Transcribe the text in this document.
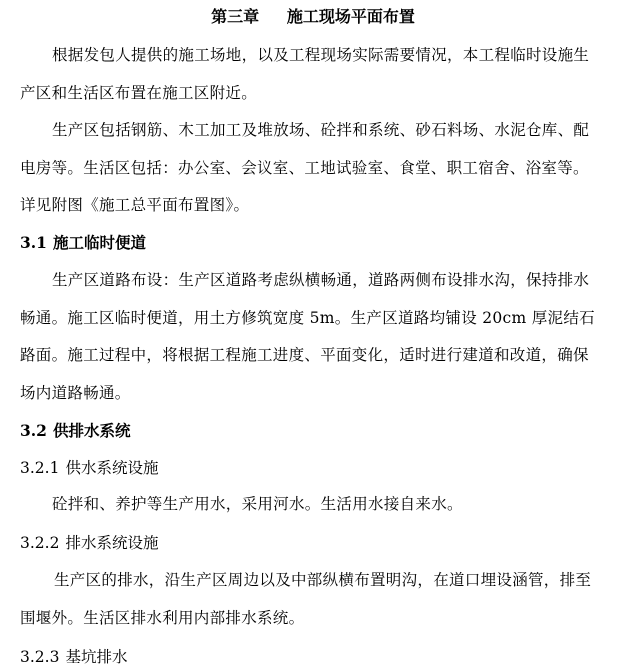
第三章     施工现场平面布置
根据发包人提供的施工场地，以及工程现场实际需要情况，本工程临时设施生产区和生活区布置在施工区附近。
生产区包括钢筋、木工加工及堆放场、砼拌和系统、砂石料场、水泥仓库、配电房等。生活区包括：办公室、会议室、工地试验室、食堂、职工宿舍、浴室等。详见附图《施工总平面布置图》。
3.1 施工临时便道
生产区道路布设：生产区道路考虑纵横畅通，道路两侧布设排水沟，保持排水畅通。施工区临时便道，用土方修筑宽度 5m。生产区道路均铺设 20cm 厚泥结石路面。施工过程中，将根据工程施工进度、平面变化，适时进行建道和改道，确保场内道路畅通。
3.2 供排水系统
3.2.1 供水系统设施
砼拌和、养护等生产用水，采用河水。生活用水接自来水。
3.2.2 排水系统设施
生产区的排水，沿生产区周边以及中部纵横布置明沟，在道口埋设涵管，排至围堰外。生活区排水利用内部排水系统。
3.2.3 基坑排水
